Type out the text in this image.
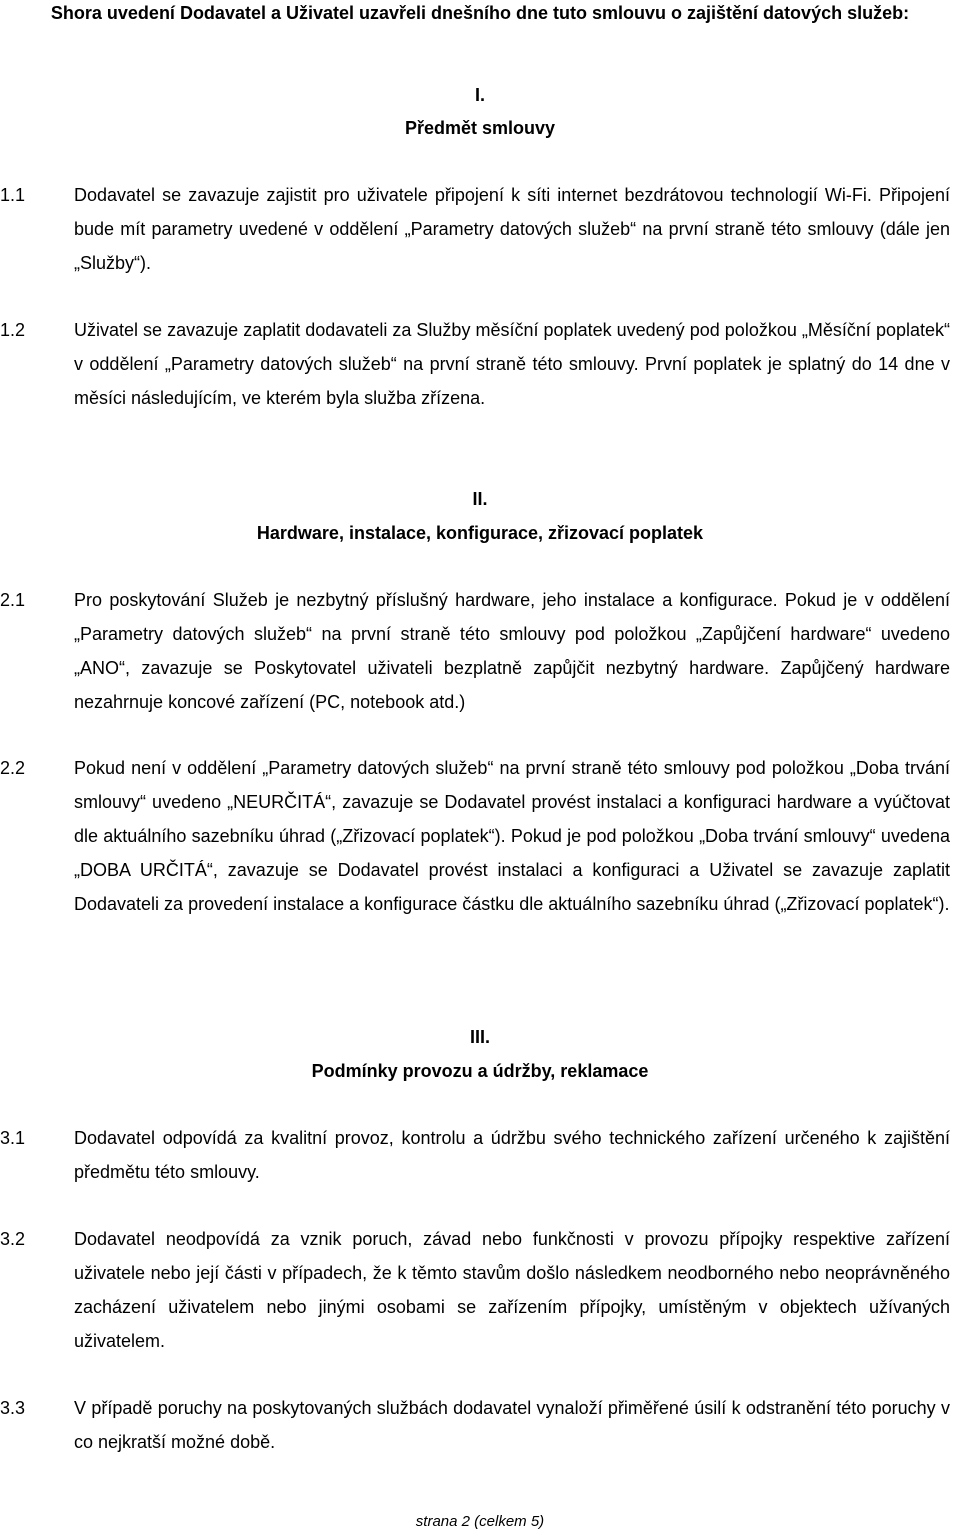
Shora uvedení Dodavatel a Uživatel uzavřeli dnešního dne tuto smlouvu o zajištění datových služeb:
I.
Předmět smlouvy
1.1	Dodavatel se zavazuje zajistit pro uživatele připojení k síti internet bezdrátovou technologií Wi-Fi. Připojení bude mít parametry uvedené v oddělení „Parametry datových služeb“ na první straně této smlouvy (dále jen „Služby“).
1.2	Uživatel se zavazuje zaplatit dodavateli za Služby měsíční poplatek uvedený pod položkou „Měsíční poplatek“ v oddělení „Parametry datových služeb“ na první straně této smlouvy. První poplatek je splatný do 14 dne v měsíci následujícím, ve kterém byla služba zřízena.
II.
Hardware, instalace, konfigurace, zřizovací poplatek
2.1	Pro poskytování Služeb je nezbytný příslušný hardware, jeho instalace a konfigurace. Pokud je v oddělení „Parametry datových služeb“ na první straně této smlouvy pod položkou „Zapůjčení hardware“ uvedeno „ANO“, zavazuje se Poskytovatel uživateli bezplatně zapůjčit nezbytný hardware. Zapůjčený hardware nezahrnuje koncové zařízení (PC, notebook atd.)
2.2	Pokud není v oddělení „Parametry datových služeb“ na první straně této smlouvy pod položkou „Doba trvání smlouvy“ uvedeno „NEURČITÁ“, zavazuje se Dodavatel provést instalaci a konfiguraci hardware a vyúčtovat dle aktuálního sazebníku úhrad („Zřizovací poplatek“). Pokud je pod položkou „Doba trvání smlouvy“ uvedena „DOBA URČITÁ“, zavazuje se Dodavatel provést instalaci a konfiguraci a Uživatel se zavazuje zaplatit Dodavateli za provedení instalace a konfigurace částku dle aktuálního sazebníku úhrad („Zřizovací poplatek“).
III.
Podmínky provozu a údržby, reklamace
3.1	Dodavatel odpovídá za kvalitní provoz, kontrolu a údržbu svého technického zařízení určeného k zajištění předmětu této smlouvy.
3.2	Dodavatel neodpovídá za vznik poruch, závad nebo funkčnosti v provozu přípojky respektive zařízení uživatele nebo její části v případech, že k těmto stavům došlo následkem neodborného nebo neoprávněného zacházení uživatelem nebo jinými osobami se zařízením přípojky, umístěným v objektech užívaných uživatelem.
3.3	V případě poruchy na poskytovaných službách dodavatel vynaloží přiměřené úsilí k odstranění této poruchy v co nejkratší možné době.
strana 2 (celkem 5)
